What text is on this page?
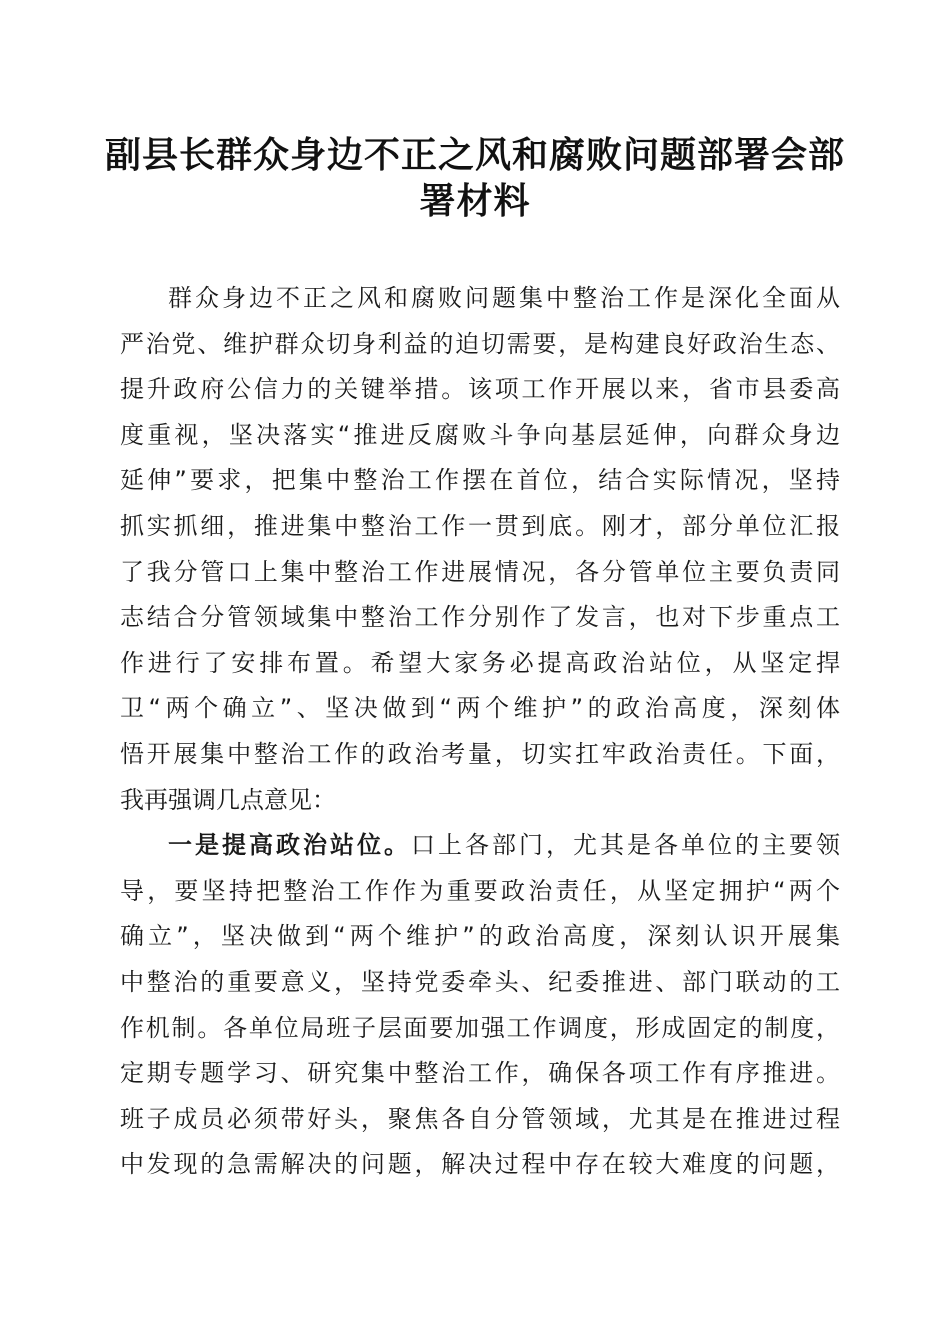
副县长群众身边不正之风和腐败问题部署会部
署材料
群众身边不正之风和腐败问题集中整治工作是深化全面从
严治党、维护群众切身利益的迫切需要，是构建良好政治生态、
提升政府公信力的关键举措。该项工作开展以来，省市县委高
度重视，坚决落实“推进反腐败斗争向基层延伸，向群众身边
延伸”要求，把集中整治工作摆在首位，结合实际情况，坚持
抓实抓细，推进集中整治工作一贯到底。刚才，部分单位汇报
了我分管口上集中整治工作进展情况，各分管单位主要负责同
志结合分管领域集中整治工作分别作了发言，也对下步重点工
作进行了安排布置。希望大家务必提高政治站位，从坚定捍
卫“两个确立”、坚决做到“两个维护”的政治高度，深刻体
悟开展集中整治工作的政治考量，切实扛牢政治责任。下面，
我再强调几点意见：
一是提高政治站位。口上各部门，尤其是各单位的主要领
导，要坚持把整治工作作为重要政治责任，从坚定拥护“两个
确立”，坚决做到“两个维护”的政治高度，深刻认识开展集
中整治的重要意义，坚持党委牵头、纪委推进、部门联动的工
作机制。各单位局班子层面要加强工作调度，形成固定的制度，
定期专题学习、研究集中整治工作，确保各项工作有序推进。
班子成员必须带好头，聚焦各自分管领域，尤其是在推进过程
中发现的急需解决的问题，解决过程中存在较大难度的问题，
